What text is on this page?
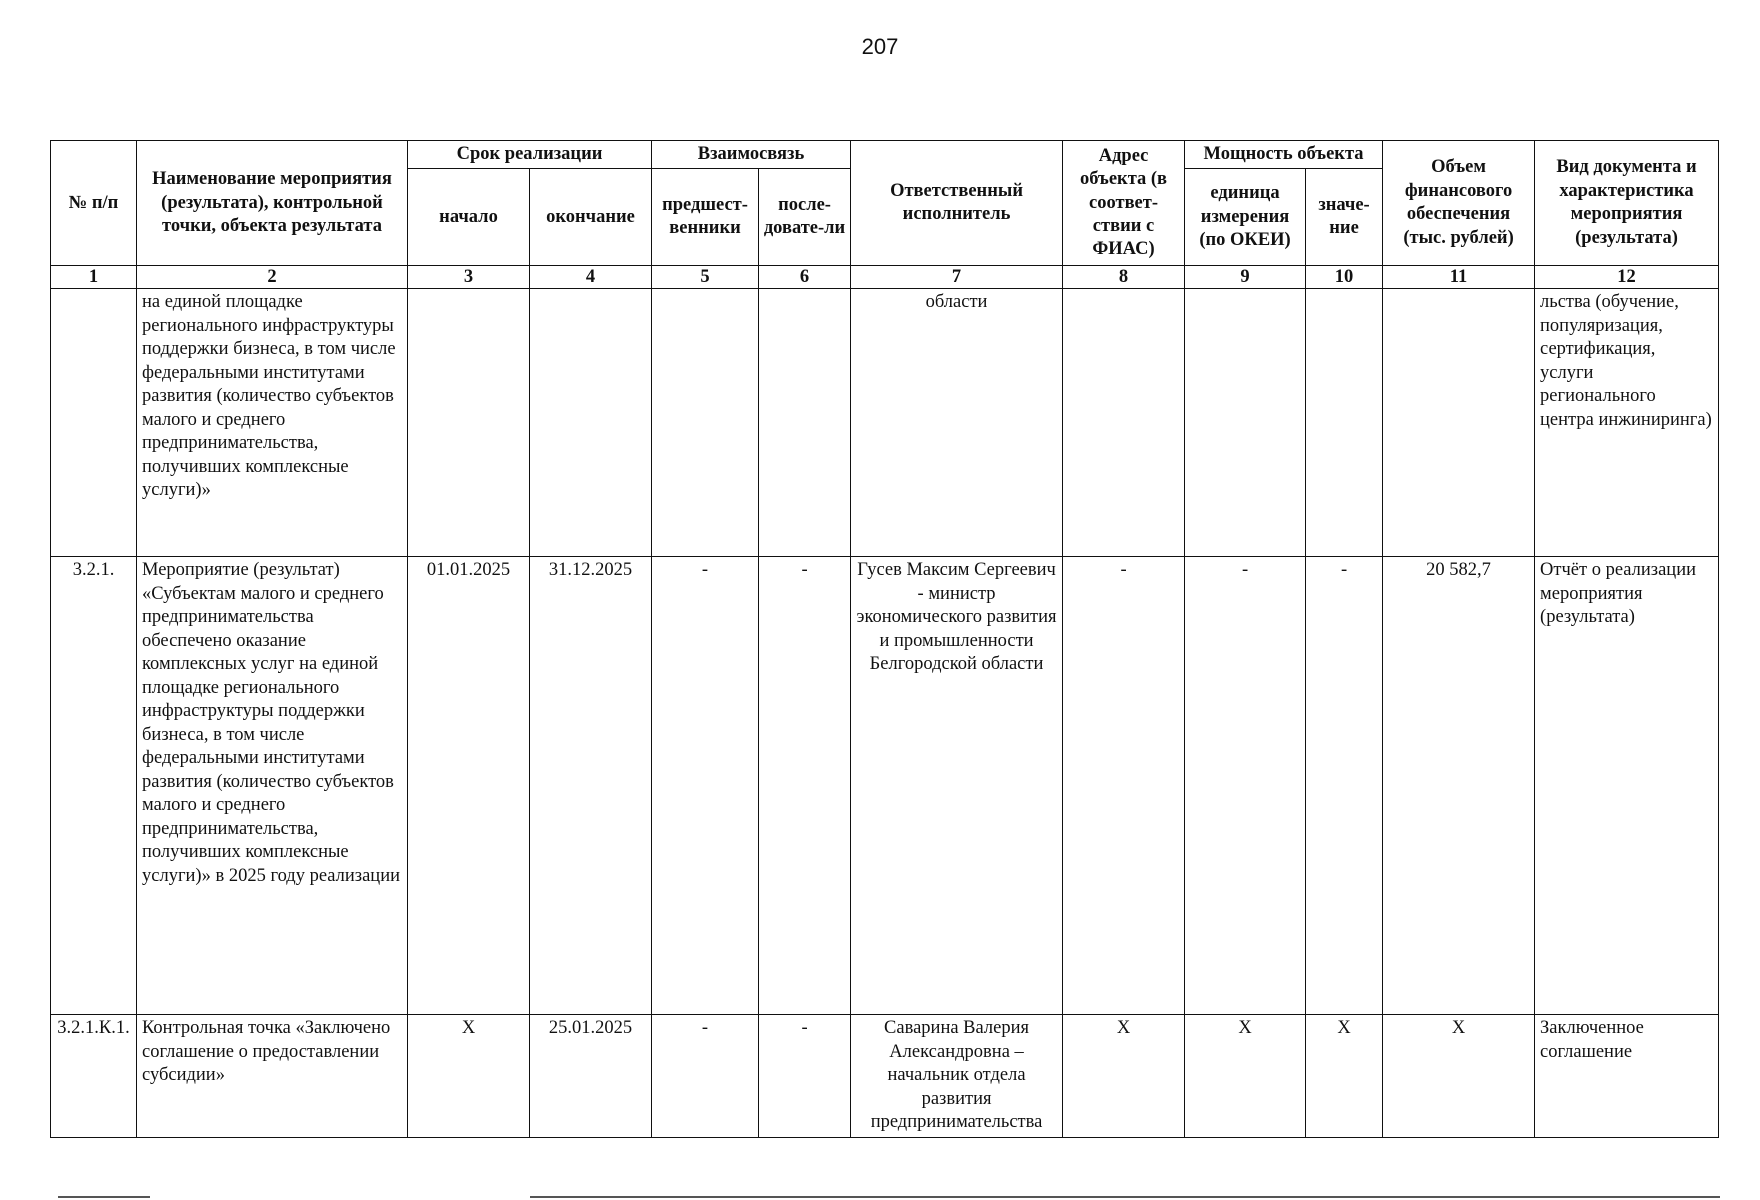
207
№ п/п	Наименование мероприятия (результата), контрольной точки, объекта результата	Срок реализации		Взаимосвязь		Ответственный исполнитель	Адрес объекта (в соответ-ствии с ФИАС)	Мощность объекта		Объем финансового обеспечения (тыс. рублей)	Вид документа и характеристика мероприятия (результата)
		начало	окончание	предшест-венники	после-довате-ли			единица измерения (по ОКЕИ)	значе-ние		
1	2	3	4	5	6	7	8	9	10	11	12
	на единой площадке регионального инфраструктуры поддержки бизнеса, в том числе федеральными институтами развития (количество субъектов малого и среднего предпринимательства, получивших комплексные услуги)»					области					льства (обучение, популяризация, сертификация, услуги регионального центра инжиниринга)
3.2.1.	Мероприятие (результат) «Субъектам малого и среднего предпринимательства обеспечено оказание комплексных услуг на единой площадке регионального инфраструктуры поддержки бизнеса, в том числе федеральными институтами развития (количество субъектов малого и среднего предпринимательства, получивших комплексные услуги)» в 2025 году реализации	01.01.2025	31.12.2025	-	-	Гусев Максим Сергеевич - министр экономического развития и промышленности Белгородской области	-	-	-	20 582,7	Отчёт о реализации мероприятия (результата)
3.2.1.К.1.	Контрольная точка «Заключено соглашение о предоставлении субсидии»	X	25.01.2025	-	-	Саварина Валерия Александровна – начальник отдела развития предпринимательства	X	X	X	X	Заключенное соглашение
